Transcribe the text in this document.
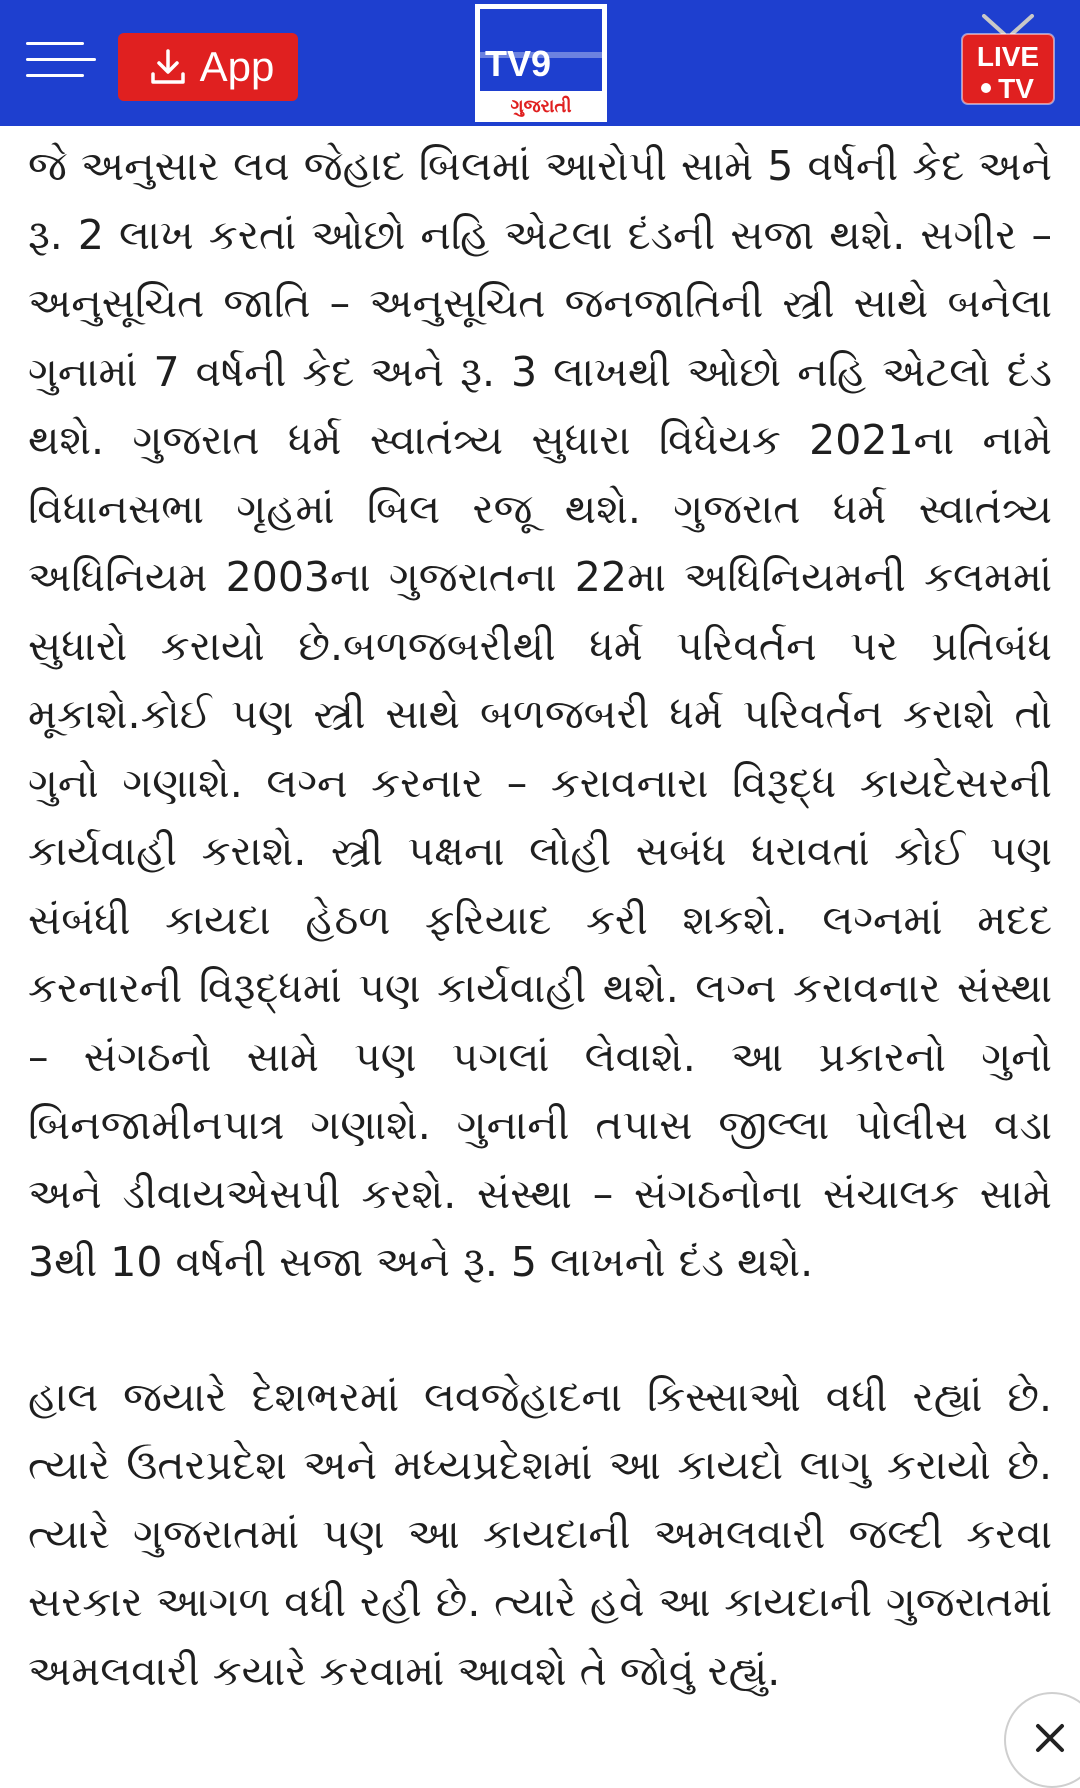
App	TV9
ગુજરાતી
LIVE
TV

જે અનુસાર લવ જેહાદ બિલમાં આરોપી સામે 5 વર્ષની કેદ અને રૂ. 2 લાખ કરતાં ઓછો નહિ એટલા દંડની સજા થશે. સગીર – અનુસૂચિત જાતિ – અનુસૂચિત જનજાતિની સ્ત્રી સાથે બનેલા ગુનામાં 7 વર્ષની કેદ અને રૂ. 3 લાખથી ઓછો નહિ એટલો દંડ થશે. ગુજરાત ધર્મ સ્વાતંત્ર્ય સુધારા વિધેયક 2021ના નામે વિધાનસભા ગૃહમાં બિલ રજૂ થશે. ગુજરાત ધર્મ સ્વાતંત્ર્ય અધિનિયમ 2003ના ગુજરાતના 22મા અધિનિયમની કલમમાં સુધારો કરાયો છે.બળજબરીથી ધર્મ પરિવર્તન પર પ્રતિબંધ મૂકાશે.કોઈ પણ સ્ત્રી સાથે બળજબરી ધર્મ પરિવર્તન કરાશે તો ગુનો ગણાશે. લગ્ન કરનાર – કરાવનારા વિરૂદ્ધ કાયદેસરની કાર્યવાહી કરાશે. સ્ત્રી પક્ષના લોહી સબંધ ધરાવતાં કોઈ પણ સંબંધી કાયદા હેઠળ ફરિયાદ કરી શકશે. લગ્નમાં મદદ કરનારની વિરૂદ્ધમાં પણ કાર્યવાહી થશે. લગ્ન કરાવનાર સંસ્થા – સંગઠનો સામે પણ પગલાં લેવાશે. આ પ્રકારનો ગુનો બિનજામીનપાત્ર ગણાશે. ગુનાની તપાસ જીલ્લા પોલીસ વડા અને ડીવાયએસપી કરશે. સંસ્થા – સંગઠનોના સંચાલક સામે 3થી 10 વર્ષની સજા અને રૂ. 5 લાખનો દંડ થશે.

હાલ જયારે દેશભરમાં લવજેહાદના કિસ્સાઓ વધી રહ્યાં છે. ત્યારે ઉતરપ્રદેશ અને મધ્યપ્રદેશમાં આ કાયદો લાગુ કરાયો છે. ત્યારે ગુજરાતમાં પણ આ કાયદાની અમલવારી જલ્દી કરવા સરકાર આગળ વધી રહી છે. ત્યારે હવે આ કાયદાની ગુજરાતમાં અમલવારી કયારે કરવામાં આવશે તે જોવું રહ્યું.
